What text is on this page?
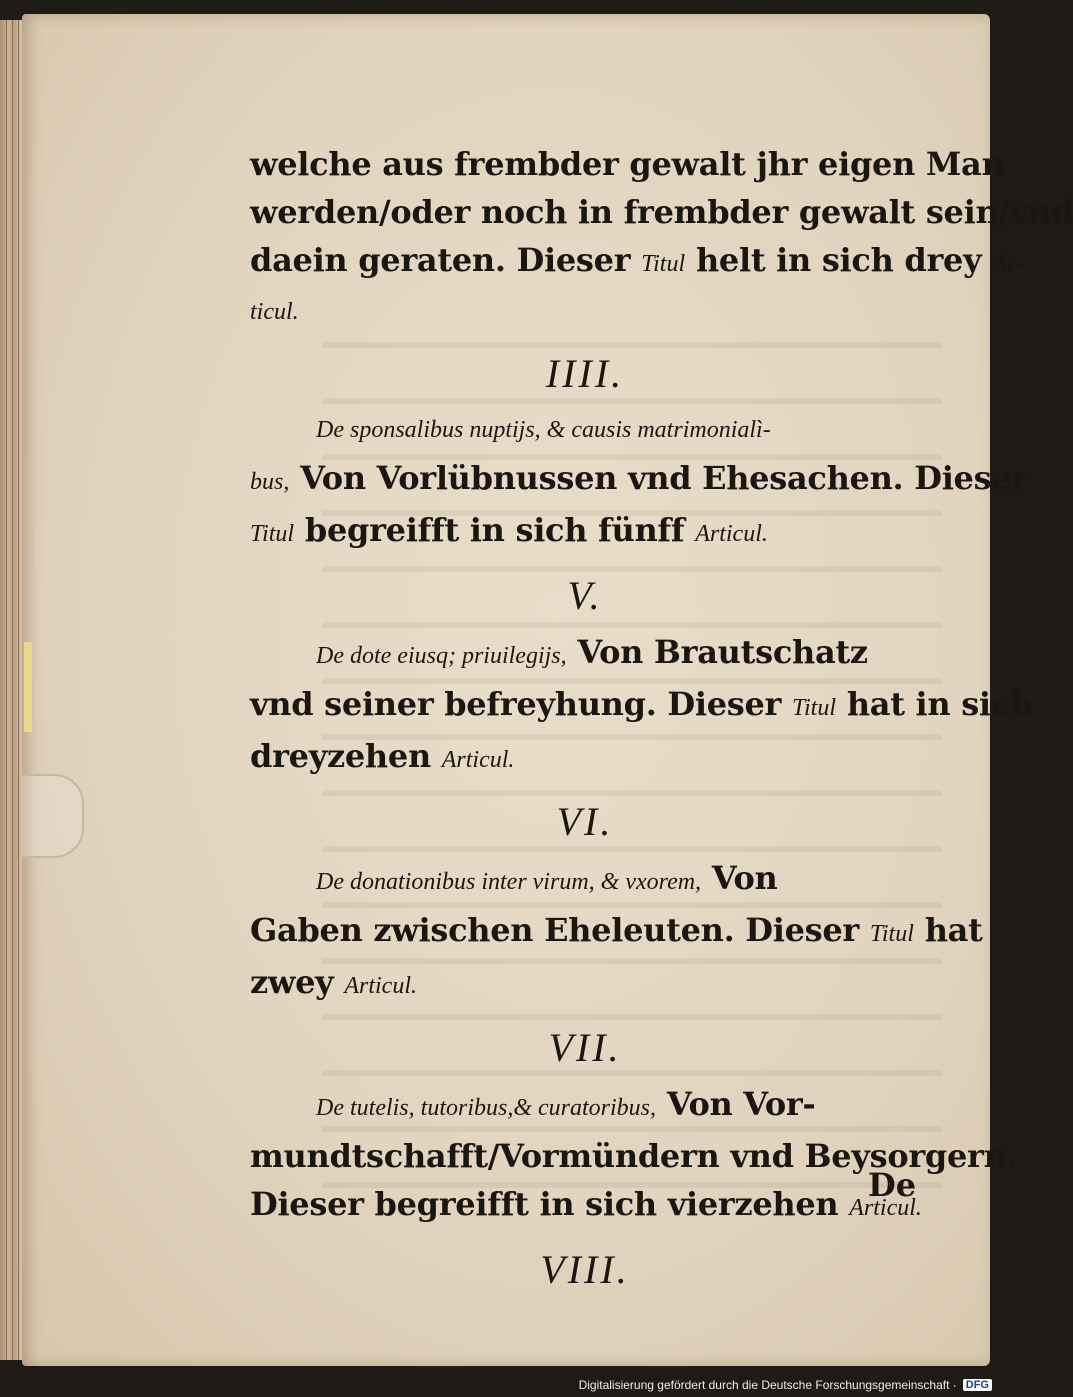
welche aus frembder gewalt jhr eigen Man
werden/oder noch in frembder gewalt sein/vnd
daein geraten. Dieser Titul helt in sich drey Ar-
ticul.
IIII.
De sponsalibus nuptijs, & causis matrimonialì-
bus, Von Vorlübnussen vnd Ehesachen. Dieser
Titul begreifft in sich fünff Articul.
V.
De dote eiusq; priuilegijs, Von Brautschatz
vnd seiner befreyhung. Dieser Titul hat in sich
dreyzehen Articul.
VI.
De donationibus inter virum, & vxorem, Von
Gaben zwischen Eheleuten. Dieser Titul hat
zwey Articul.
VII.
De tutelis, tutoribus,& curatoribus, Von Vor-
mundtschafft/Vormündern vnd Beysorgern.
Dieser begreifft in sich vierzehen Articul.
VIII.
De
Digitalisierung gefördert durch die Deutsche Forschungsgemeinschaft · DFG
